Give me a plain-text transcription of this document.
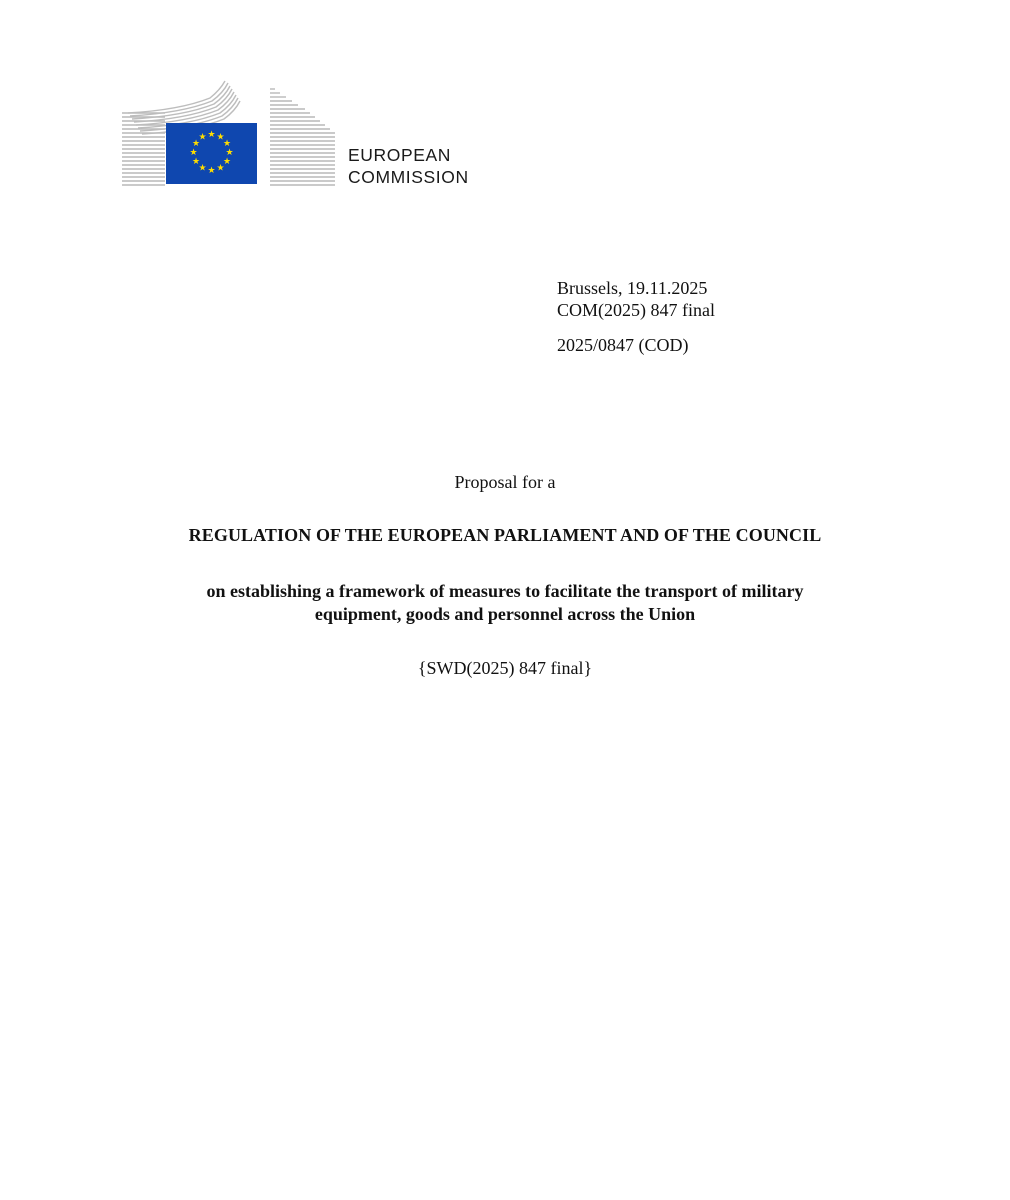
★ ★
★
★
★
★
★
★
★
★
★
★
EUROPEAN
COMMISSION
Brussels, 19.11.2025
COM(2025) 847 final
2025/0847 (COD)
Proposal for a
REGULATION OF THE EUROPEAN PARLIAMENT AND OF THE COUNCIL
on establishing a framework of measures to facilitate the transport of military
equipment, goods and personnel across the Union
{SWD(2025) 847 final}
